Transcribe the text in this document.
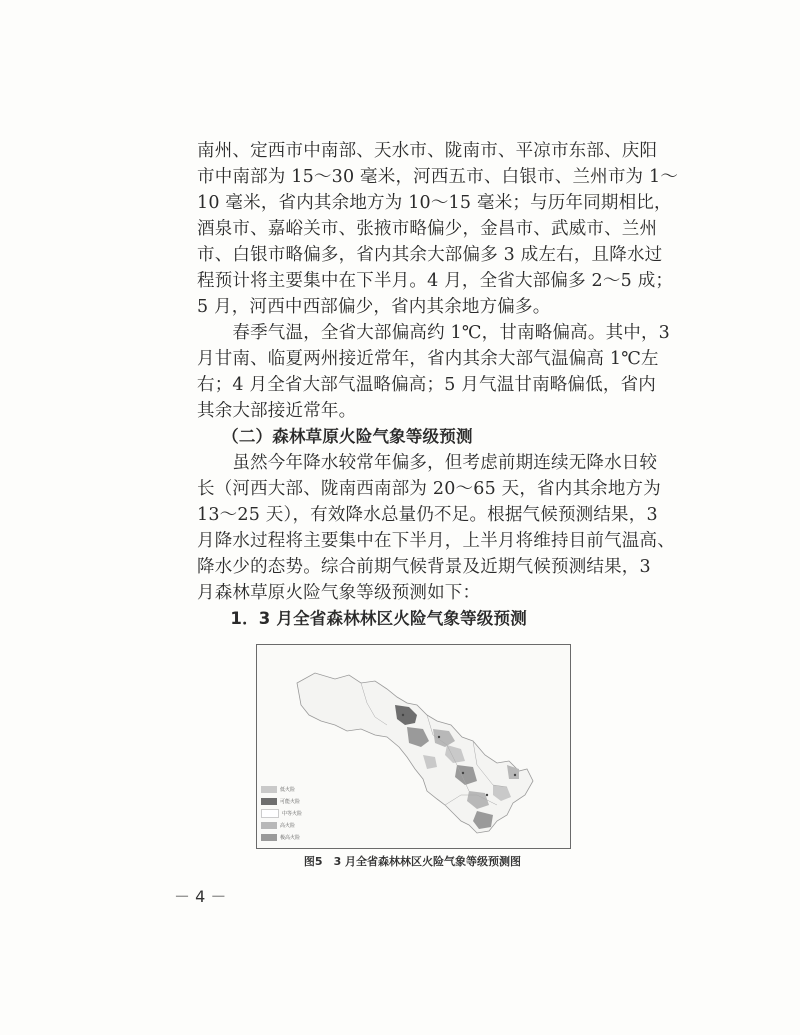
南州、定西市中南部、天水市、陇南市、平凉市东部、庆阳
市中南部为 15～30 毫米，河西五市、白银市、兰州市为 1～
10 毫米，省内其余地方为 10～15 毫米；与历年同期相比，
酒泉市、嘉峪关市、张掖市略偏少，金昌市、武威市、兰州
市、白银市略偏多，省内其余大部偏多 3 成左右，且降水过
程预计将主要集中在下半月。4 月，全省大部偏多 2～5 成；
5 月，河西中西部偏少，省内其余地方偏多。
　　春季气温，全省大部偏高约 1℃，甘南略偏高。其中，3
月甘南、临夏两州接近常年，省内其余大部气温偏高 1℃左
右；4 月全省大部气温略偏高；5 月气温甘南略偏低，省内
其余大部接近常年。
　　（二）森林草原火险气象等级预测
　　虽然今年降水较常年偏多，但考虑前期连续无降水日较
长（河西大部、陇南西南部为 20～65 天，省内其余地方为
13～25 天），有效降水总量仍不足。根据气候预测结果，3
月降水过程将主要集中在下半月，上半月将维持目前气温高、
降水少的态势。综合前期气候背景及近期气候预测结果，3
月森林草原火险气象等级预测如下：
　　1．3 月全省森林林区火险气象等级预测
低火险
可能火险
中等火险
高火险
极高火险
图5　3 月全省森林林区火险气象等级预测图
－ 4 －
